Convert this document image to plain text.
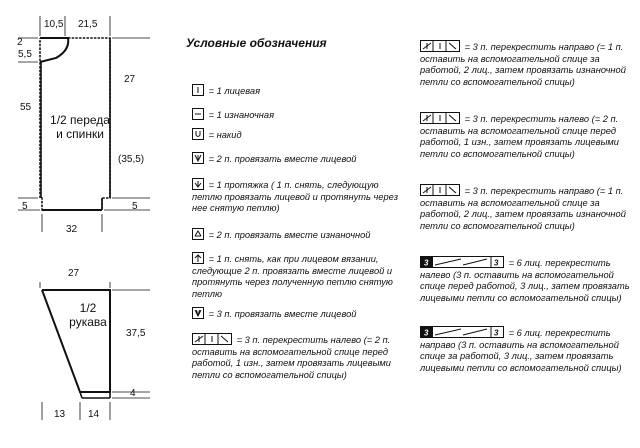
10,5 21,5
2
5,5
27
55
(35,5)
5	5
32
1/2 переда и спинки
27
37,5
4
13 14
1/2 рукава
Условные обозначения
= 1 лицевая
= 1 изнаночная
= накид
= 2 п. провязать вместе лицевой
= 1 протяжка ( 1 п. снять, следующую петлю провязать лицевой и протянуть через нее снятую петлю)
= 2 п. провязать вместе изнаночной
= 1 п. снять, как при лицевом вязании, следующие 2 п. провязать вместе лицевой и протянуть через полученную петлю снятую петлю
= 3 п. провязать вместе лицевой
= 3 п. перекрестить налево (= 2 п. оставить на вспомогательной спице перед работой, 1 изн., затем провязать лицевыми петли со вспомогательной спицы)
= 3 п. перекрестить направо (= 1 п. оставить на вспомогательной спице за работой, 2 лиц., затем провязать изнаночной петли со вспомогательной спицы)
= 3 п. перекрестить налево (= 2 п. оставить на вспомогательной спице перед работой, 1 изн., затем провязать лицевыми петли со вспомогательной спицы)
= 3 п. перекрестить направо (= 1 п. оставить на вспомогательной спице за работой, 2 лиц., затем провязать изнаночной петли со вспомогательной спицы)
3	3 = 6 лиц. перекрестить налево (3 п. оставить на вспомогательной спице перед работой, 3 лиц., затем провязать лицевыми петли со вспомогательной спицы)
3	3 = 6 лиц. перекрестить направо (3 п. оставить на вспомогательной спице за работой, 3 лиц., затем провязать лицевыми петли со вспомогательной спицы)
